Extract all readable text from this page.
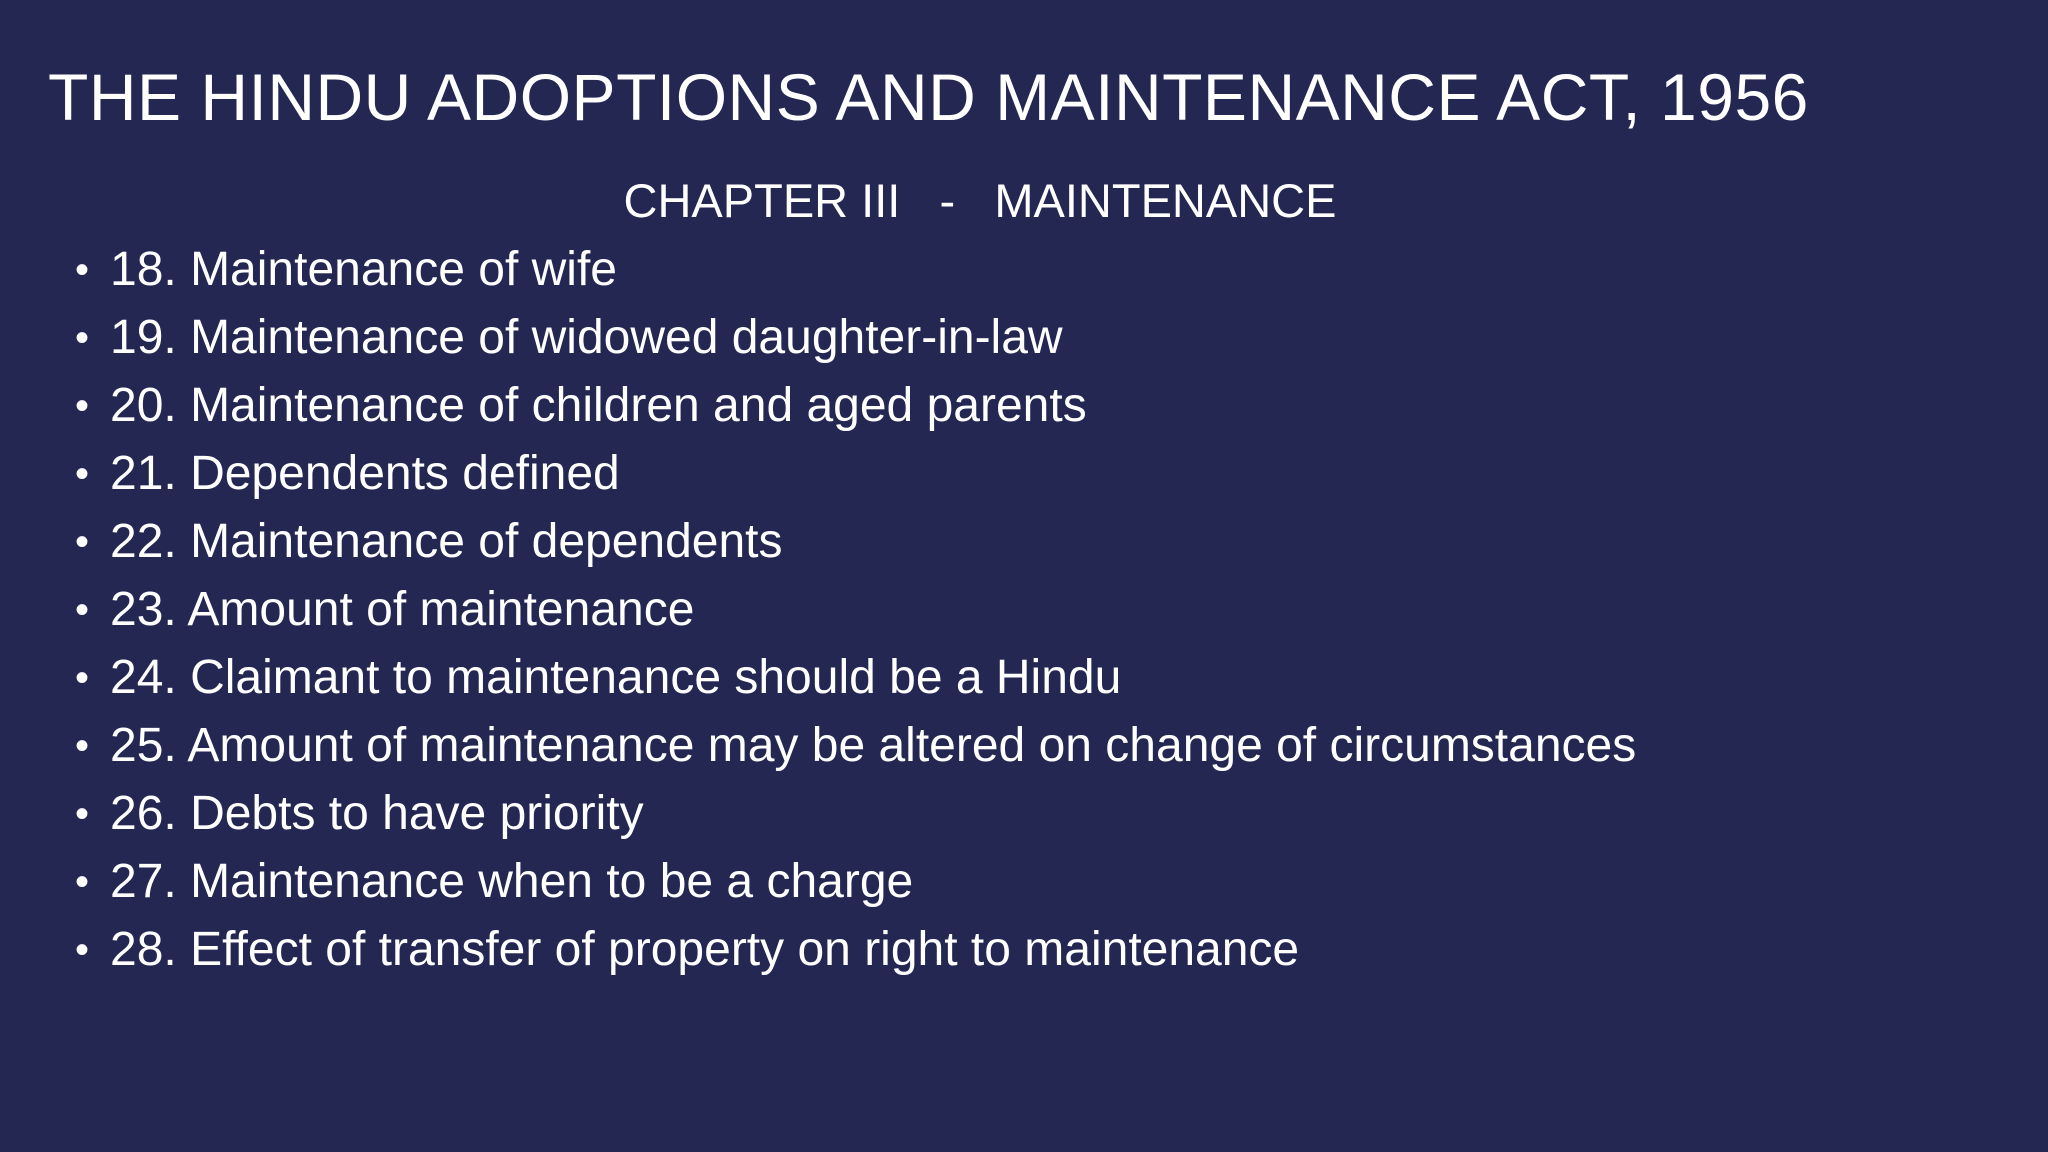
THE HINDU ADOPTIONS AND MAINTENANCE ACT, 1956

CHAPTER III   -   MAINTENANCE

• 18. Maintenance of wife
• 19. Maintenance of widowed daughter-in-law
• 20. Maintenance of children and aged parents
• 21. Dependents defined
• 22. Maintenance of dependents
• 23. Amount of maintenance
• 24. Claimant to maintenance should be a Hindu
• 25. Amount of maintenance may be altered on change of circumstances
• 26. Debts to have priority
• 27. Maintenance when to be a charge
• 28. Effect of transfer of property on right to maintenance
